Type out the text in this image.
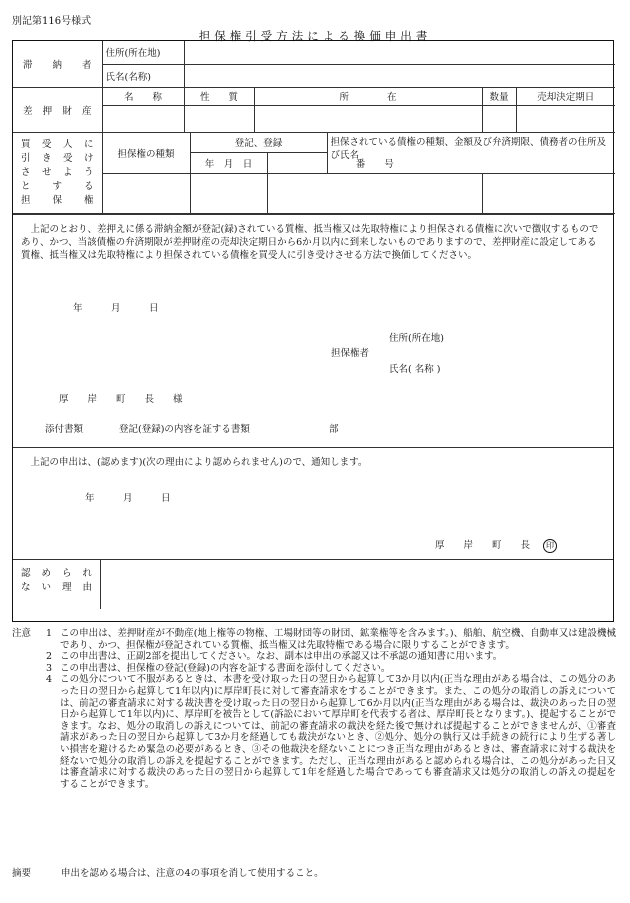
別記第116号様式
担保権引受方法による換価申出書
滞　納　者	住所(所在地)							
	氏名(名称)							
差押財産	名　　称	性　　質		所　　　　在			数量	売却決定期日

買 受 人 に
引 き 受 け
さ せ よ う
と 　 す 　 る
担 　 保 　 権	担保権の種類		登記、登録			担保されている債権の種類、金額及び弁済期限、債務者の住所及び氏名		
			年　月　日		番　　号			

上記のとおり、差押えに係る滞納金額が登記(録)されている質権、抵当権又は先取特権により担保される債権に次いで徴収するものであり、かつ、当該債権の弁済期限が差押財産の売却決定期日から6か月以内に到来しないものでありますので、差押財産に設定してある質権、抵当権又は先取特権により担保されている債権を買受人に引き受けさせる方法で換価してください。
年　　　月　　　日
住所(所在地)
担保権者
氏名( 名称 )
厚　　岸　　町　　長　　様
添付書類	登記(登録)の内容を証する書類	部
上記の申出は、(認めます)(次の理由により認められません)ので、通知します。
年　　　月　　　日
厚　　岸　　町　　長 印
認 め ら れ
な い 理 由
注意	1 この申出は、差押財産が不動産(地上権等の物権、工場財団等の財団、鉱業権等を含みます。)、船舶、航空機、自動車又は建設機械であり、かつ、担保権が登記されている質権、抵当権又は先取特権である場合に限りすることができます。
2 この申出書は、正副2部を提出してください。なお、副本は申出の承認又は不承認の通知書に用います。
3 この申出書は、担保権の登記(登録)の内容を証する書面を添付してください。
4 この処分について不服があるときは、本書を受け取った日の翌日から起算して3か月以内(正当な理由がある場合は、この処分のあった日の翌日から起算して1年以内)に厚岸町長に対して審査請求をすることができます。また、この処分の取消しの訴えについては、前記の審査請求に対する裁決書を受け取った日の翌日から起算して6か月以内(正当な理由がある場合は、裁決のあった日の翌日から起算して1年以内)に、厚岸町を被告として(訴訟において厚岸町を代表する者は、厚岸町長となります。)、提起することができます。なお、処分の取消しの訴えについては、前記の審査請求の裁決を経た後で無ければ提起することができませんが、①審査請求があった日の翌日から起算して3か月を経過しても裁決がないとき、②処分、処分の執行又は手続きの続行により生ずる著しい損害を避けるため緊急の必要があるとき、③その他裁決を経ないことにつき正当な理由があるときは、審査請求に対する裁決を経ないで処分の取消しの訴えを提起することができます。ただし、正当な理由があると認められる場合は、この処分があった日又は審査請求に対する裁決のあった日の翌日から起算して1年を経過した場合であっても審査請求又は処分の取消しの訴えの提起をすることができます。
摘要	申出を認める場合は、注意の4の事項を消して使用すること。
